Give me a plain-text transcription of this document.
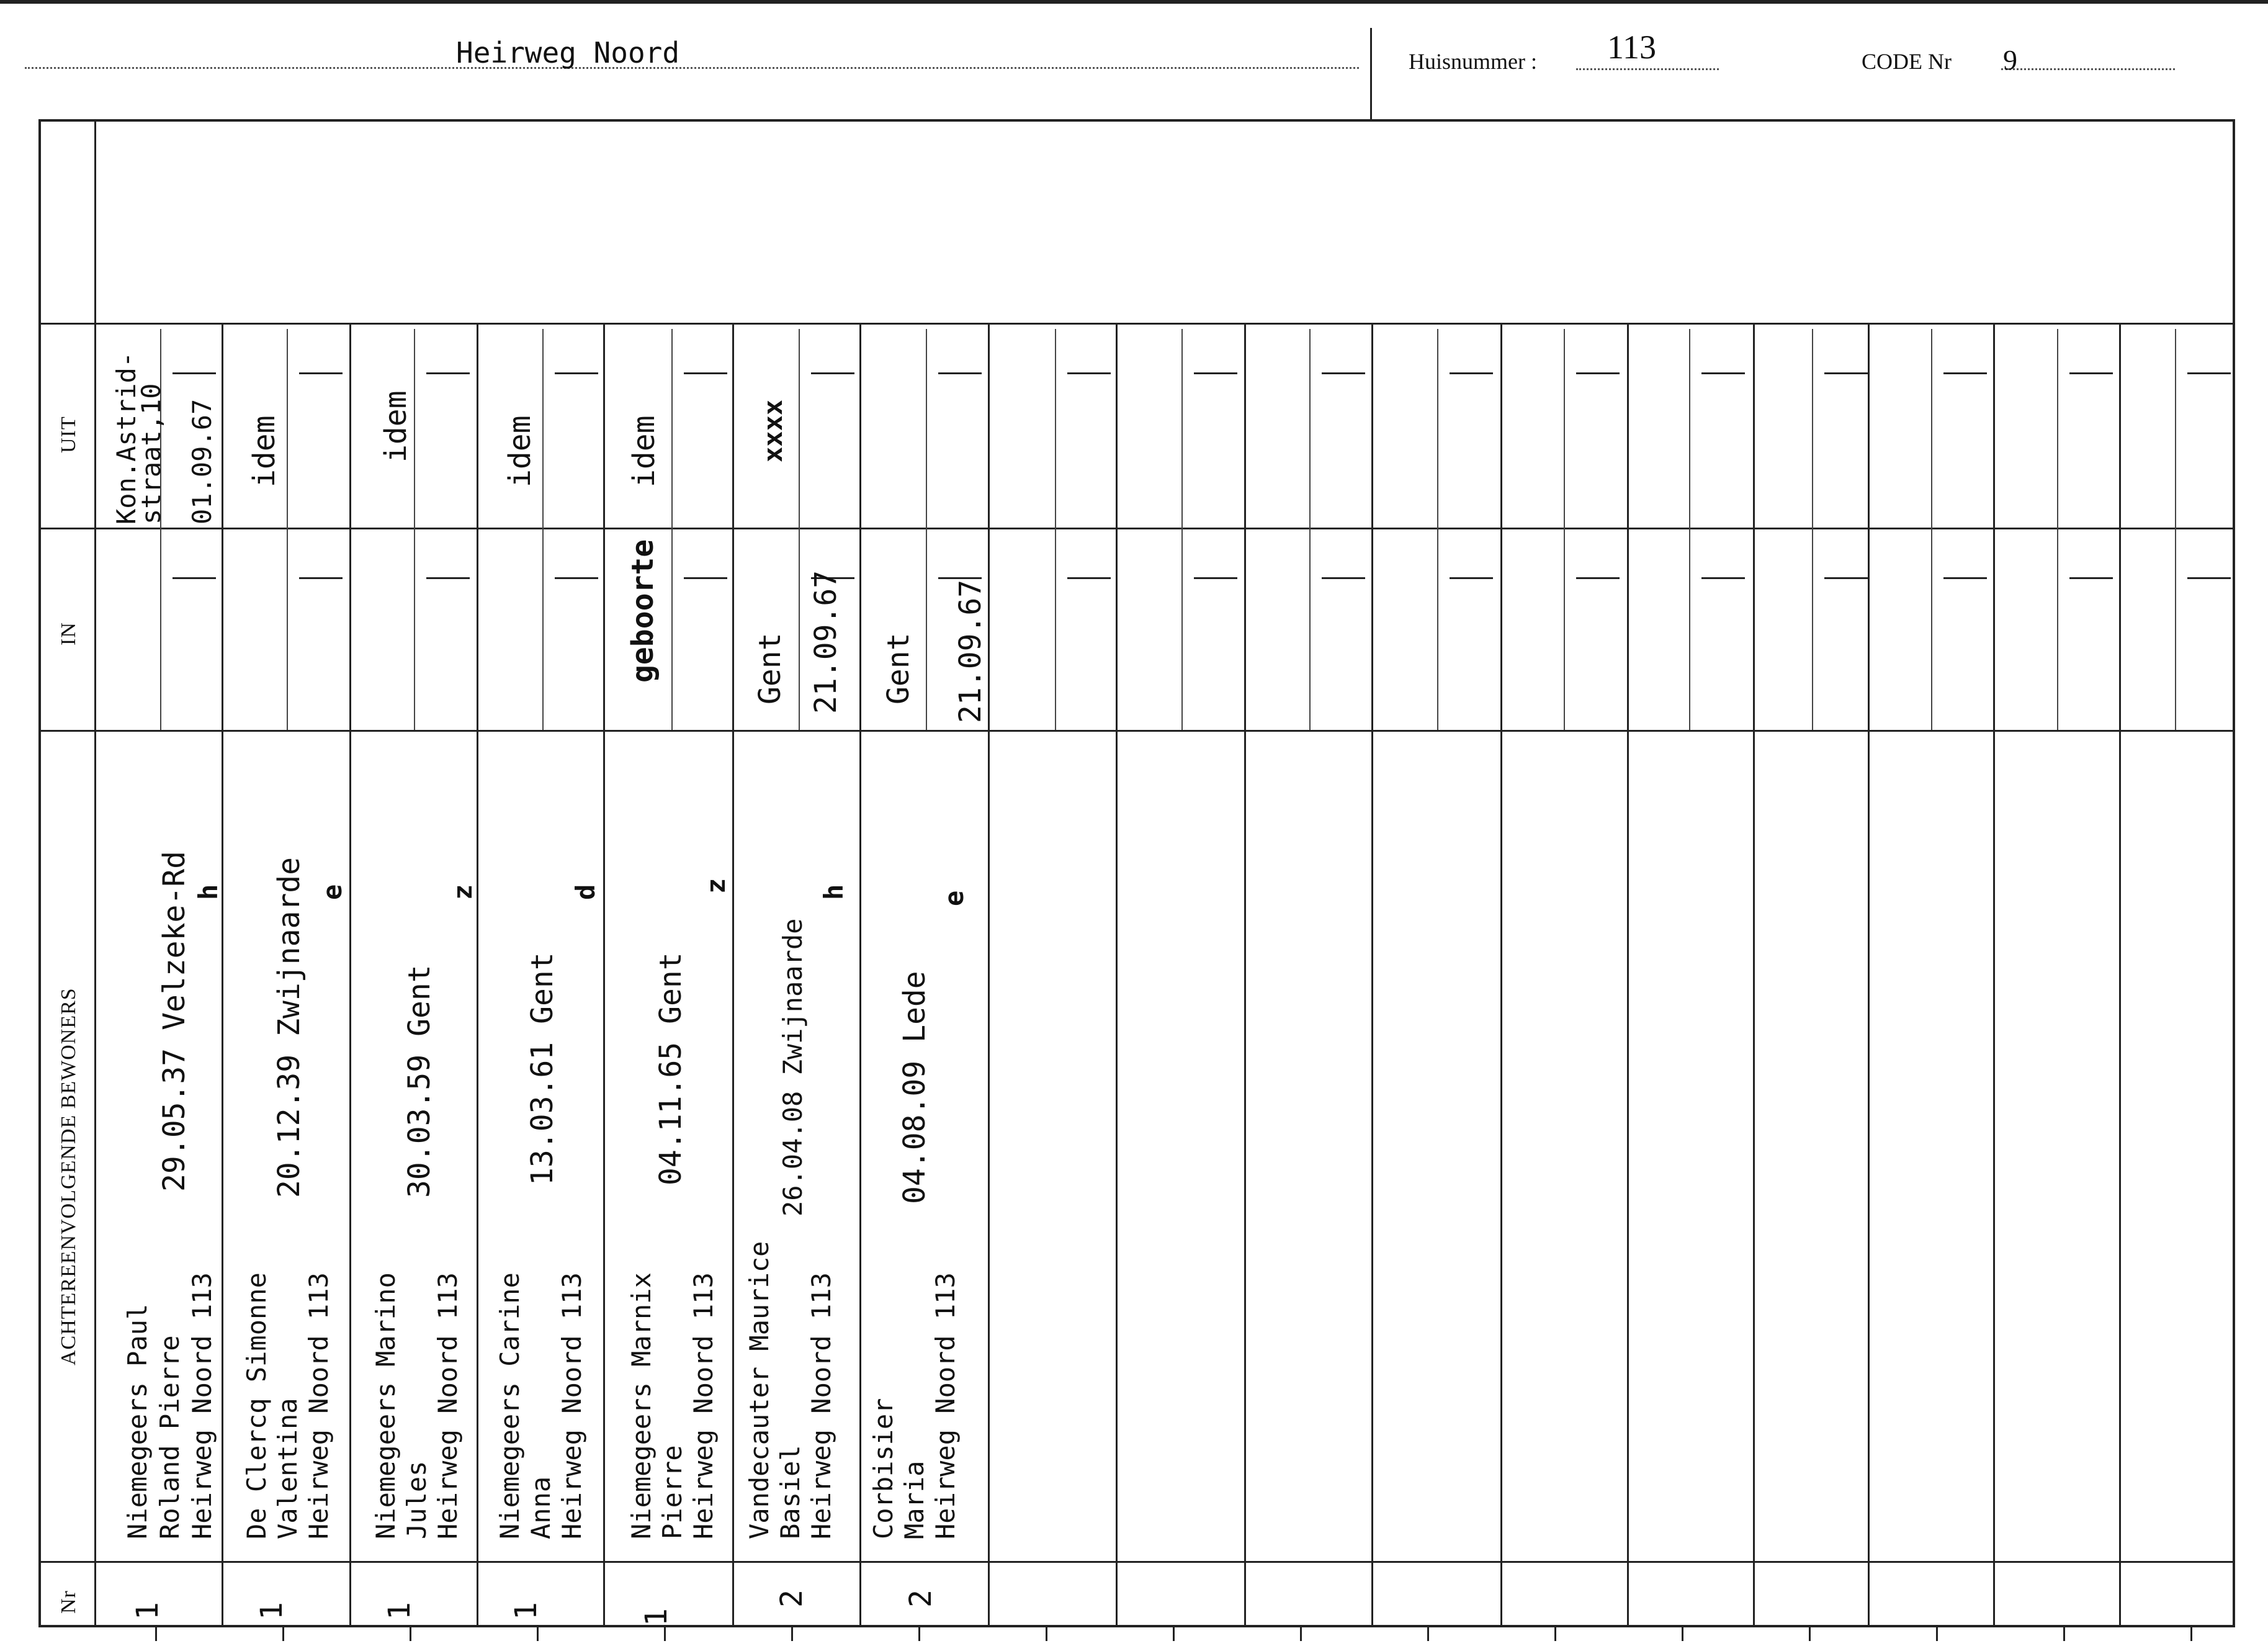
Heirweg Noord	Huisnummer : 113	CODE Nr 9
UIT
IN
ACHTEREENVOLGENDE BEWONERS
Nr
Niemegeers Paul Roland Pierre Heirweg Noord 113
29.05.37 Velzeke-Rd h
1
Kon.Astrid-
straat,10 01.09.67
De Clercq Simonne Valentina Heirweg Noord 113
20.12.39 Zwijnaarde e
1
idem
Niemegeers Marino Jules Heirweg Noord 113
30.03.59 Gent
z
1
idem
Niemegeers Carine Anna Heirweg Noord 113
13.03.61 Gent
d
1
idem
Niemegeers Marnix Pierre Heirweg Noord 113
04.11.65 Gent
z
1
geboorte
idem
Vandecauter Maurice Basiel Heirweg Noord 113
26.04.08 Zwijnaarde
h
2
Gent 21.09.67
xxxx
Corbisier Maria Heirweg Noord 113
04.08.09 Lede
e
2
Gent 21.09.67
